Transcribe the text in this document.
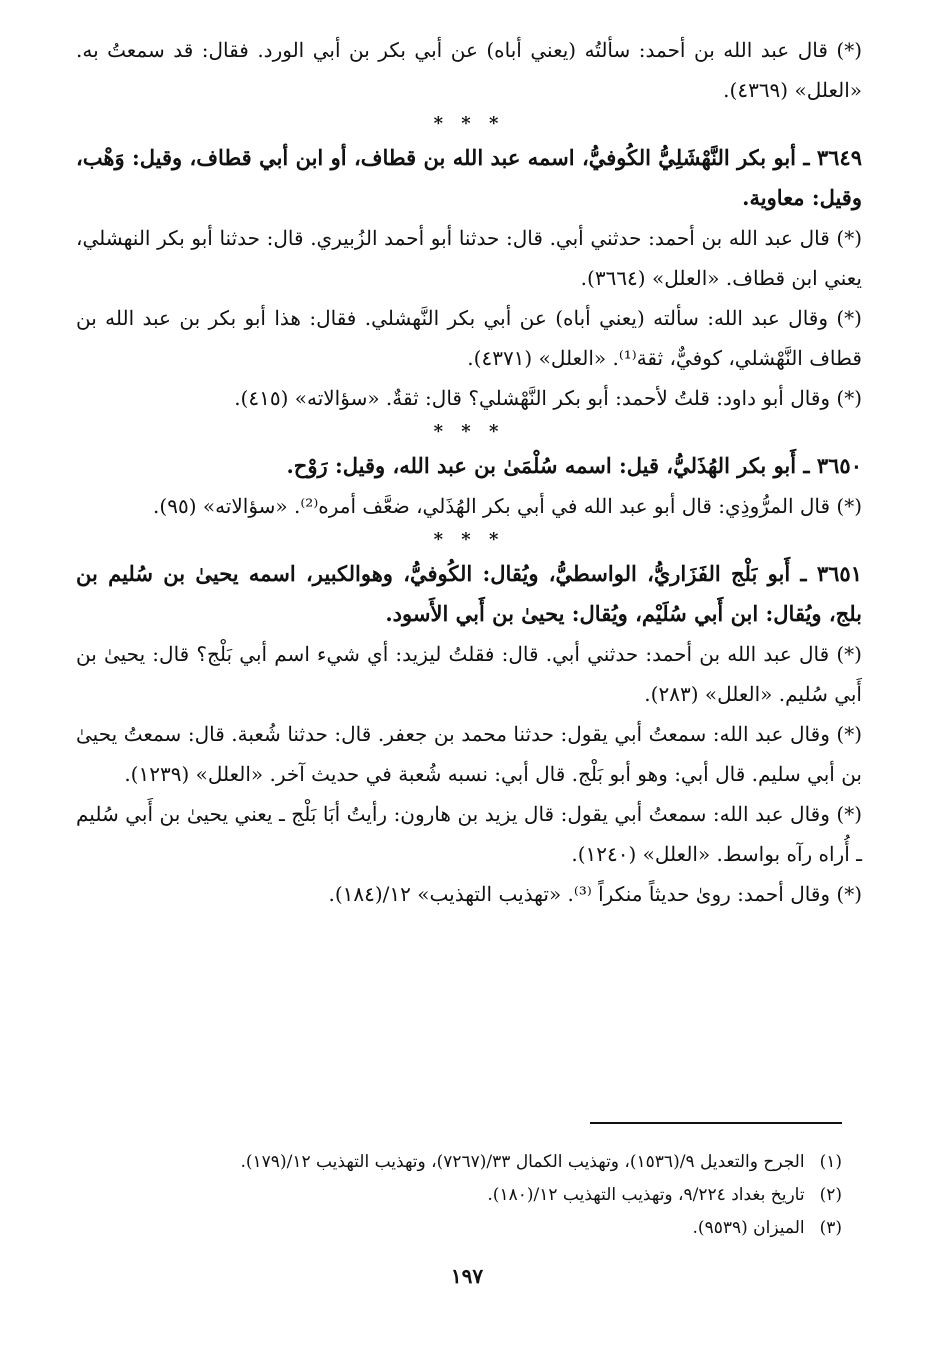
(*) قال عبد الله بن أحمد: سألتُه (يعني أباه) عن أبي بكر بن أبي الورد. فقال: قد سمعتُ به. «العلل» (٤٣٦٩).

* * *

٣٦٤٩ ـ أبو بكر النَّهْشَلِيُّ الكُوفيُّ، اسمه عبد الله بن قطاف، أو ابن أبي قطاف، وقيل: وَهْب، وقيل: معاوية.

(*) قال عبد الله بن أحمد: حدثني أبي. قال: حدثنا أبو أحمد الزُبيري. قال: حدثنا أبو بكر النهشلي، يعني ابن قطاف. «العلل» (٣٦٦٤).

(*) وقال عبد الله: سألته (يعني أباه) عن أبي بكر النَّهشلي. فقال: هذا أبو بكر بن عبد الله بن قطاف النَّهْشلي، كوفيٌّ، ثقة⁽¹⁾. «العلل» (٤٣٧١).

(*) وقال أبو داود: قلتُ لأحمد: أبو بكر النَّهْشلي؟ قال: ثقةٌ. «سؤالاته» (٤١٥).

* * *

٣٦٥٠ ـ أَبو بكر الهُذَليُّ، قيل: اسمه سُلْمَىٰ بن عبد الله، وقيل: رَوْح.

(*) قال المرُّوذِي: قال أبو عبد الله في أبي بكر الهُذَلي، ضعَّف أمره⁽²⁾. «سؤالاته» (٩٥).

* * *

٣٦٥١ ـ أَبو بَلْج الفَزَاريُّ، الواسطيُّ، ويُقال: الكُوفيُّ، وهوالكبير، اسمه يحيىٰ بن سُليم بن بلج، ويُقال: ابن أَبي سُلَيْم، ويُقال: يحيىٰ بن أَبي الأَسود.

(*) قال عبد الله بن أحمد: حدثني أبي. قال: فقلتُ ليزيد: أي شيء اسم أبي بَلْج؟ قال: يحيىٰ بن أَبي سُليم. «العلل» (٢٨٣).

(*) وقال عبد الله: سمعتُ أبي يقول: حدثنا محمد بن جعفر. قال: حدثنا شُعبة. قال: سمعتُ يحيىٰ بن أبي سليم. قال أبي: وهو أبو بَلْج. قال أبي: نسبه شُعبة في حديث آخر. «العلل» (١٢٣٩).

(*) وقال عبد الله: سمعتُ أبي يقول: قال يزيد بن هارون: رأيتُ أبَا بَلْج ـ يعني يحيىٰ بن أَبي سُليم ـ أُراه رآه بواسط. «العلل» (١٢٤٠).

(*) وقال أحمد: روىٰ حديثاً منكراً ⁽³⁾. «تهذيب التهذيب» ١٢/(١٨٤).

(١) الجرح والتعديل ٩/(١٥٣٦)، وتهذيب الكمال ٣٣/(٧٢٦٧)، وتهذيب التهذيب ١٢/(١٧٩).

(٢) تاريخ بغداد ٩/٢٢٤، وتهذيب التهذيب ١٢/(١٨٠).

(٣) الميزان (٩٥٣٩).

١٩٧
